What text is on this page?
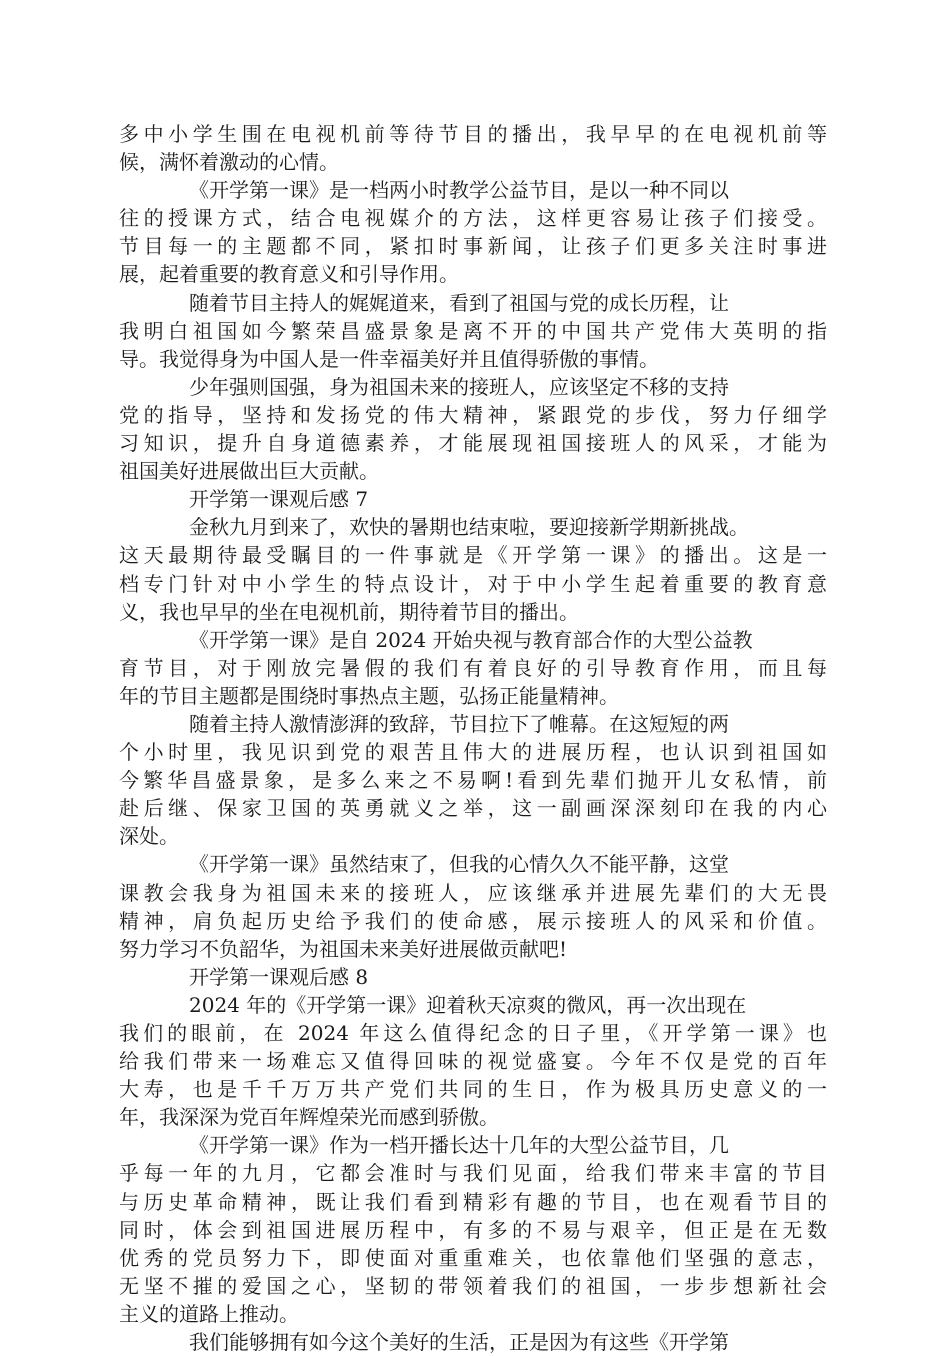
多中小学生围在电视机前等待节目的播出，我早早的在电视机前等
候，满怀着激动的心情。
《开学第一课》是一档两小时教学公益节目，是以一种不同以
往的授课方式，结合电视媒介的方法，这样更容易让孩子们接受。
节目每一的主题都不同，紧扣时事新闻，让孩子们更多关注时事进
展，起着重要的教育意义和引导作用。
随着节目主持人的娓娓道来，看到了祖国与党的成长历程，让
我明白祖国如今繁荣昌盛景象是离不开的中国共产党伟大英明的指
导。我觉得身为中国人是一件幸福美好并且值得骄傲的事情。
少年强则国强，身为祖国未来的接班人，应该坚定不移的支持
党的指导，坚持和发扬党的伟大精神，紧跟党的步伐，努力仔细学
习知识，提升自身道德素养，才能展现祖国接班人的风采，才能为
祖国美好进展做出巨大贡献。
开学第一课观后感 7
金秋九月到来了，欢快的暑期也结束啦，要迎接新学期新挑战。
这天最期待最受瞩目的一件事就是《开学第一课》的播出。这是一
档专门针对中小学生的特点设计，对于中小学生起着重要的教育意
义，我也早早的坐在电视机前，期待着节目的播出。
《开学第一课》是自 2024 开始央视与教育部合作的大型公益教
育节目，对于刚放完暑假的我们有着良好的引导教育作用，而且每
年的节目主题都是围绕时事热点主题，弘扬正能量精神。
随着主持人激情澎湃的致辞，节目拉下了帷幕。在这短短的两
个小时里，我见识到党的艰苦且伟大的进展历程，也认识到祖国如
今繁华昌盛景象，是多么来之不易啊!看到先辈们抛开儿女私情，前
赴后继、保家卫国的英勇就义之举，这一副画深深刻印在我的内心
深处。
《开学第一课》虽然结束了，但我的心情久久不能平静，这堂
课教会我身为祖国未来的接班人，应该继承并进展先辈们的大无畏
精神，肩负起历史给予我们的使命感，展示接班人的风采和价值。
努力学习不负韶华，为祖国未来美好进展做贡献吧!
开学第一课观后感 8
2024 年的《开学第一课》迎着秋天凉爽的微风，再一次出现在
我们的眼前，在 2024 年这么值得纪念的日子里，《开学第一课》也
给我们带来一场难忘又值得回味的视觉盛宴。今年不仅是党的百年
大寿，也是千千万万共产党们共同的生日，作为极具历史意义的一
年，我深深为党百年辉煌荣光而感到骄傲。
《开学第一课》作为一档开播长达十几年的大型公益节目，几
乎每一年的九月，它都会准时与我们见面，给我们带来丰富的节目
与历史革命精神，既让我们看到精彩有趣的节目，也在观看节目的
同时，体会到祖国进展历程中，有多的不易与艰辛，但正是在无数
优秀的党员努力下，即使面对重重难关，也依靠他们坚强的意志，
无坚不摧的爱国之心，坚韧的带领着我们的祖国，一步步想新社会
主义的道路上推动。
我们能够拥有如今这个美好的生活，正是因为有这些《开学第
